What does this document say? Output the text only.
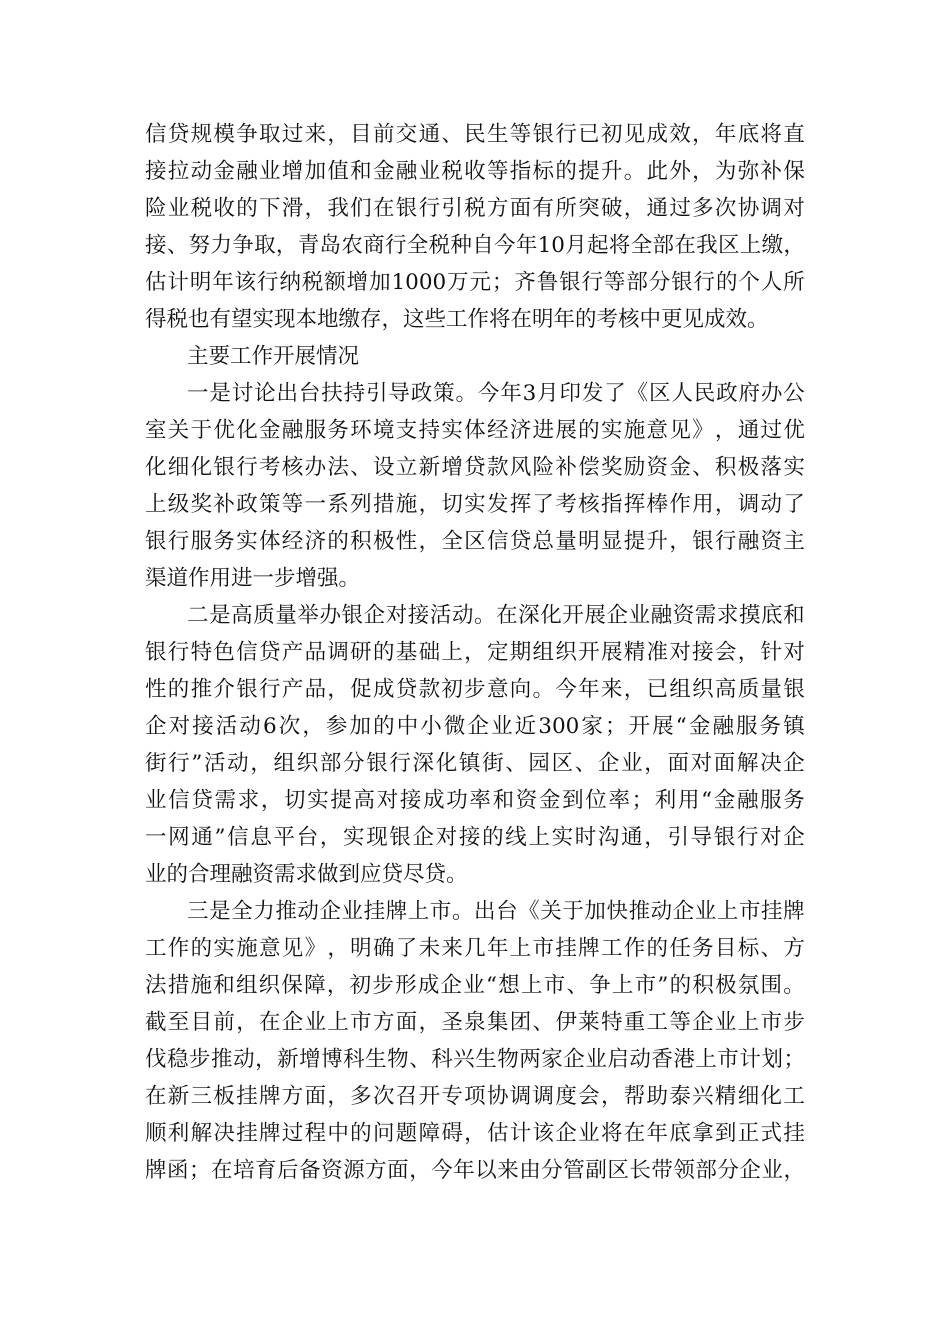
信 贷 规 模 争 取 过 来 ， 目 前 交 通 、 民 生 等 银 行 已 初 见 成 效 ， 年 底 将 直
接 拉 动 金 融 业 增 加 值 和 金 融 业 税 收 等 指 标 的 提 升 。 此 外 ， 为 弥 补 保
险 业 税 收 的 下 滑 ， 我 们 在 银 行 引 税 方 面 有 所 突 破 ， 通 过 多 次 协 调 对
接 、 努 力 争 取 ， 青 岛 农 商 行 全 税 种 自 今 年 10 月 起 将 全 部 在 我 区 上 缴 ，
估 计 明 年 该 行 纳 税 额 增 加 1000 万 元 ； 齐 鲁 银 行 等 部 分 银 行 的 个 人 所
得税也有望实现本地缴存，这些工作将在明年的考核中更见成效。
主要工作开展情况
一 是 讨 论 出 台 扶 持 引 导 政 策 。 今 年 3 月 印 发 了 《 区 人 民 政 府 办 公
室 关 于 优 化 金 融 服 务 环 境 支 持 实 体 经 济 进 展 的 实 施 意 见 》 ， 通 过 优
化 细 化 银 行 考 核 办 法 、 设 立 新 增 贷 款 风 险 补 偿 奖 励 资 金 、 积 极 落 实
上 级 奖 补 政 策 等 一 系 列 措 施 ， 切 实 发 挥 了 考 核 指 挥 棒 作 用 ， 调 动 了
银 行 服 务 实 体 经 济 的 积 极 性 ， 全 区 信 贷 总 量 明 显 提 升 ， 银 行 融 资 主
渠道作用进一步增强。
二 是 高 质 量 举 办 银 企 对 接 活 动 。 在 深 化 开 展 企 业 融 资 需 求 摸 底 和
银 行 特 色 信 贷 产 品 调 研 的 基 础 上 ， 定 期 组 织 开 展 精 准 对 接 会 ， 针 对
性 的 推 介 银 行 产 品 ， 促 成 贷 款 初 步 意 向 。 今 年 来 ， 已 组 织 高 质 量 银
企 对 接 活 动 6 次 ， 参 加 的 中 小 微 企 业 近 300 家 ； 开 展 “ 金 融 服 务 镇
街 行 ” 活 动 ， 组 织 部 分 银 行 深 化 镇 街 、 园 区 、 企 业 ， 面 对 面 解 决 企
业 信 贷 需 求 ， 切 实 提 高 对 接 成 功 率 和 资 金 到 位 率 ； 利 用 “ 金 融 服 务
一 网 通 ” 信 息 平 台 ， 实 现 银 企 对 接 的 线 上 实 时 沟 通 ， 引 导 银 行 对 企
业的合理融资需求做到应贷尽贷。
三 是 全 力 推 动 企 业 挂 牌 上 市 。 出 台 《 关 于 加 快 推 动 企 业 上 市 挂 牌
工 作 的 实 施 意 见 》 ， 明 确 了 未 来 几 年 上 市 挂 牌 工 作 的 任 务 目 标 、 方
法 措 施 和 组 织 保 障 ， 初 步 形 成 企 业 “ 想 上 市 、 争 上 市 ” 的 积 极 氛 围 。
截 至 目 前 ， 在 企 业 上 市 方 面 ， 圣 泉 集 团 、 伊 莱 特 重 工 等 企 业 上 市 步
伐 稳 步 推 动 ， 新 增 博 科 生 物 、 科 兴 生 物 两 家 企 业 启 动 香 港 上 市 计 划 ；
在 新 三 板 挂 牌 方 面 ， 多 次 召 开 专 项 协 调 调 度 会 ， 帮 助 泰 兴 精 细 化 工
顺 利 解 决 挂 牌 过 程 中 的 问 题 障 碍 ， 估 计 该 企 业 将 在 年 底 拿 到 正 式 挂
牌 函 ； 在 培 育 后 备 资 源 方 面 ， 今 年 以 来 由 分 管 副 区 长 带 领 部 分 企 业 ，
